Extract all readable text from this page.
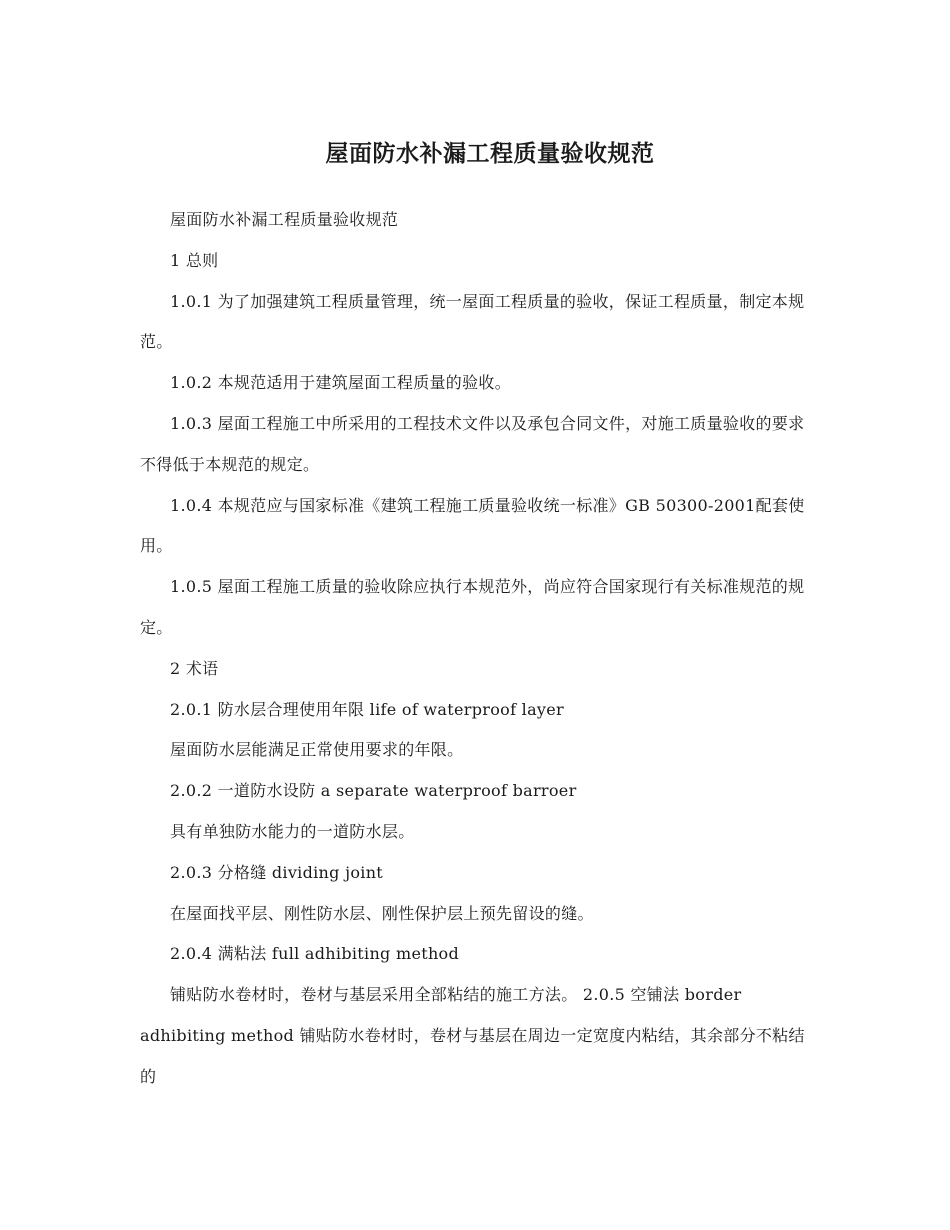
屋面防水补漏工程质量验收规范

屋面防水补漏工程质量验收规范

1 总则

1.0.1 为了加强建筑工程质量管理，统一屋面工程质量的验收，保证工程质量，制定本规范。

1.0.2 本规范适用于建筑屋面工程质量的验收。

1.0.3 屋面工程施工中所采用的工程技术文件以及承包合同文件，对施工质量验收的要求不得低于本规范的规定。

1.0.4 本规范应与国家标准《建筑工程施工质量验收统一标准》GB 50300-2001配套使用。

1.0.5 屋面工程施工质量的验收除应执行本规范外，尚应符合国家现行有关标准规范的规定。

2 术语

2.0.1 防水层合理使用年限 life of waterproof layer

屋面防水层能满足正常使用要求的年限。

2.0.2 一道防水设防 a separate waterproof barroer

具有单独防水能力的一道防水层。

2.0.3 分格缝 dividing joint

在屋面找平层、刚性防水层、刚性保护层上预先留设的缝。

2.0.4 满粘法 full adhibiting method

铺贴防水卷材时，卷材与基层采用全部粘结的施工方法。 2.0.5 空铺法 border adhibiting method 铺贴防水卷材时，卷材与基层在周边一定宽度内粘结，其余部分不粘结的
